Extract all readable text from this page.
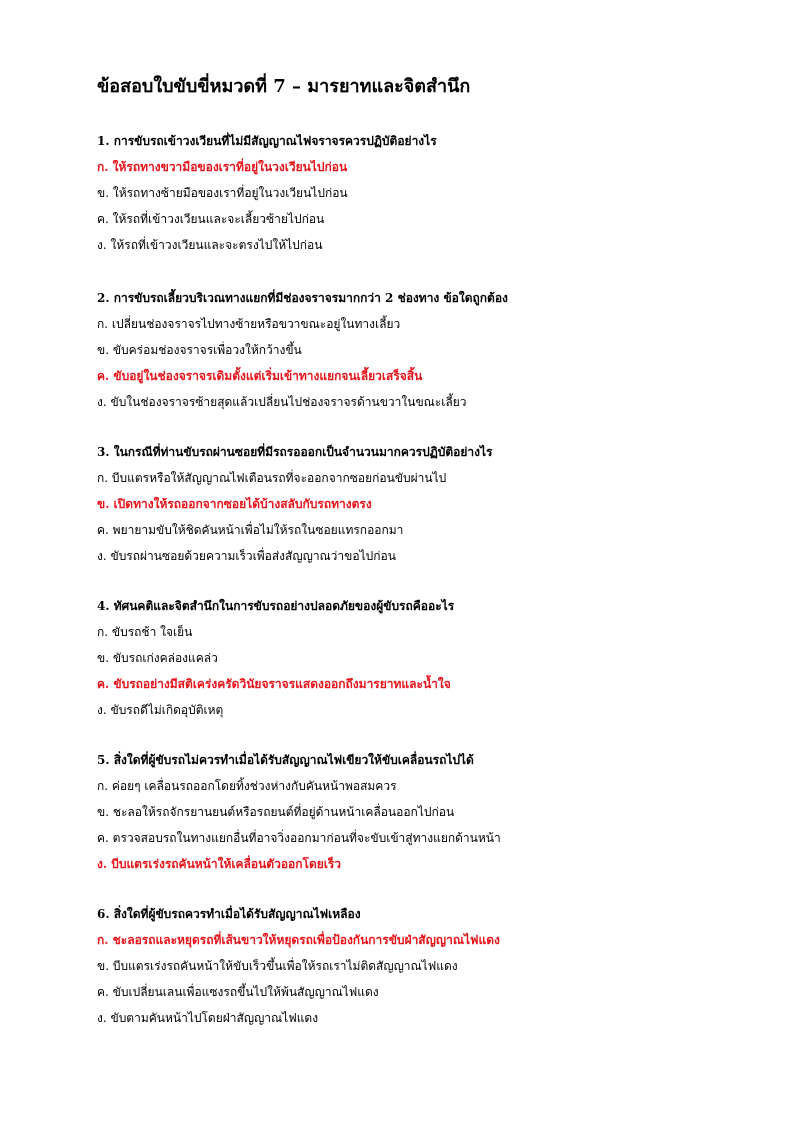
ข้อสอบใบขับขี่หมวดที่ 7 – มารยาทและจิตสำนึก

1. การขับรถเข้าวงเวียนที่ไม่มีสัญญาณไฟจราจรควรปฏิบัติอย่างไร

ก. ให้รถทางขวามือของเราที่อยู่ในวงเวียนไปก่อน

ข. ให้รถทางซ้ายมือของเราที่อยู่ในวงเวียนไปก่อน

ค. ให้รถที่เข้าวงเวียนและจะเลี้ยวซ้ายไปก่อน

ง. ให้รถที่เข้าวงเวียนและจะตรงไปให้ไปก่อน

2. การขับรถเลี้ยวบริเวณทางแยกที่มีช่องจราจรมากกว่า 2 ช่องทาง ข้อใดถูกต้อง

ก. เปลี่ยนช่องจราจรไปทางซ้ายหรือขวาขณะอยู่ในทางเลี้ยว

ข. ขับคร่อมช่องจราจรเพื่อวงให้กว้างขึ้น

ค. ขับอยู่ในช่องจราจรเดิมตั้งแต่เริ่มเข้าทางแยกจนเลี้ยวเสร็จสิ้น

ง. ขับในช่องจราจรซ้ายสุดแล้วเปลี่ยนไปช่องจราจรด้านขวาในขณะเลี้ยว

3. ในกรณีที่ท่านขับรถผ่านซอยที่มีรถรอออกเป็นจำนวนมากควรปฏิบัติอย่างไร

ก. บีบแตรหรือให้สัญญาณไฟเตือนรถที่จะออกจากซอยก่อนขับผ่านไป

ข. เปิดทางให้รถออกจากซอยได้บ้างสลับกับรถทางตรง

ค. พยายามขับให้ชิดคันหน้าเพื่อไม่ให้รถในซอยแทรกออกมา

ง. ขับรถผ่านซอยด้วยความเร็วเพื่อส่งสัญญาณว่าขอไปก่อน

4. ทัศนคติและจิตสำนึกในการขับรถอย่างปลอดภัยของผู้ขับรถคืออะไร

ก. ขับรถช้า ใจเย็น

ข. ขับรถเก่งคล่องแคล่ว

ค. ขับรถอย่างมีสติเคร่งครัดวินัยจราจรแสดงออกถึงมารยาทและน้ำใจ

ง. ขับรถดีไม่เกิดอุบัติเหตุ

5. สิ่งใดที่ผู้ขับรถไม่ควรทำเมื่อได้รับสัญญาณไฟเขียวให้ขับเคลื่อนรถไปได้

ก. ค่อยๆ เคลื่อนรถออกโดยทิ้งช่วงห่างกับคันหน้าพอสมควร

ข. ชะลอให้รถจักรยานยนต์หรือรถยนต์ที่อยู่ด้านหน้าเคลื่อนออกไปก่อน

ค. ตรวจสอบรถในทางแยกอื่นที่อาจวิ่งออกมาก่อนที่จะขับเข้าสู่ทางแยกด้านหน้า

ง. บีบแตรเร่งรถคันหน้าให้เคลื่อนตัวออกโดยเร็ว

6. สิ่งใดที่ผู้ขับรถควรทำเมื่อได้รับสัญญาณไฟเหลือง

ก. ชะลอรถและหยุดรถที่เส้นขาวให้หยุดรถเพื่อป้องกันการขับฝ่าสัญญาณไฟแดง

ข. บีบแตรเร่งรถคันหน้าให้ขับเร็วขึ้นเพื่อให้รถเราไม่ติดสัญญาณไฟแดง

ค. ขับเปลี่ยนเลนเพื่อแซงรถขึ้นไปให้พ้นสัญญาณไฟแดง

ง. ขับตามคันหน้าไปโดยฝ่าสัญญาณไฟแดง
